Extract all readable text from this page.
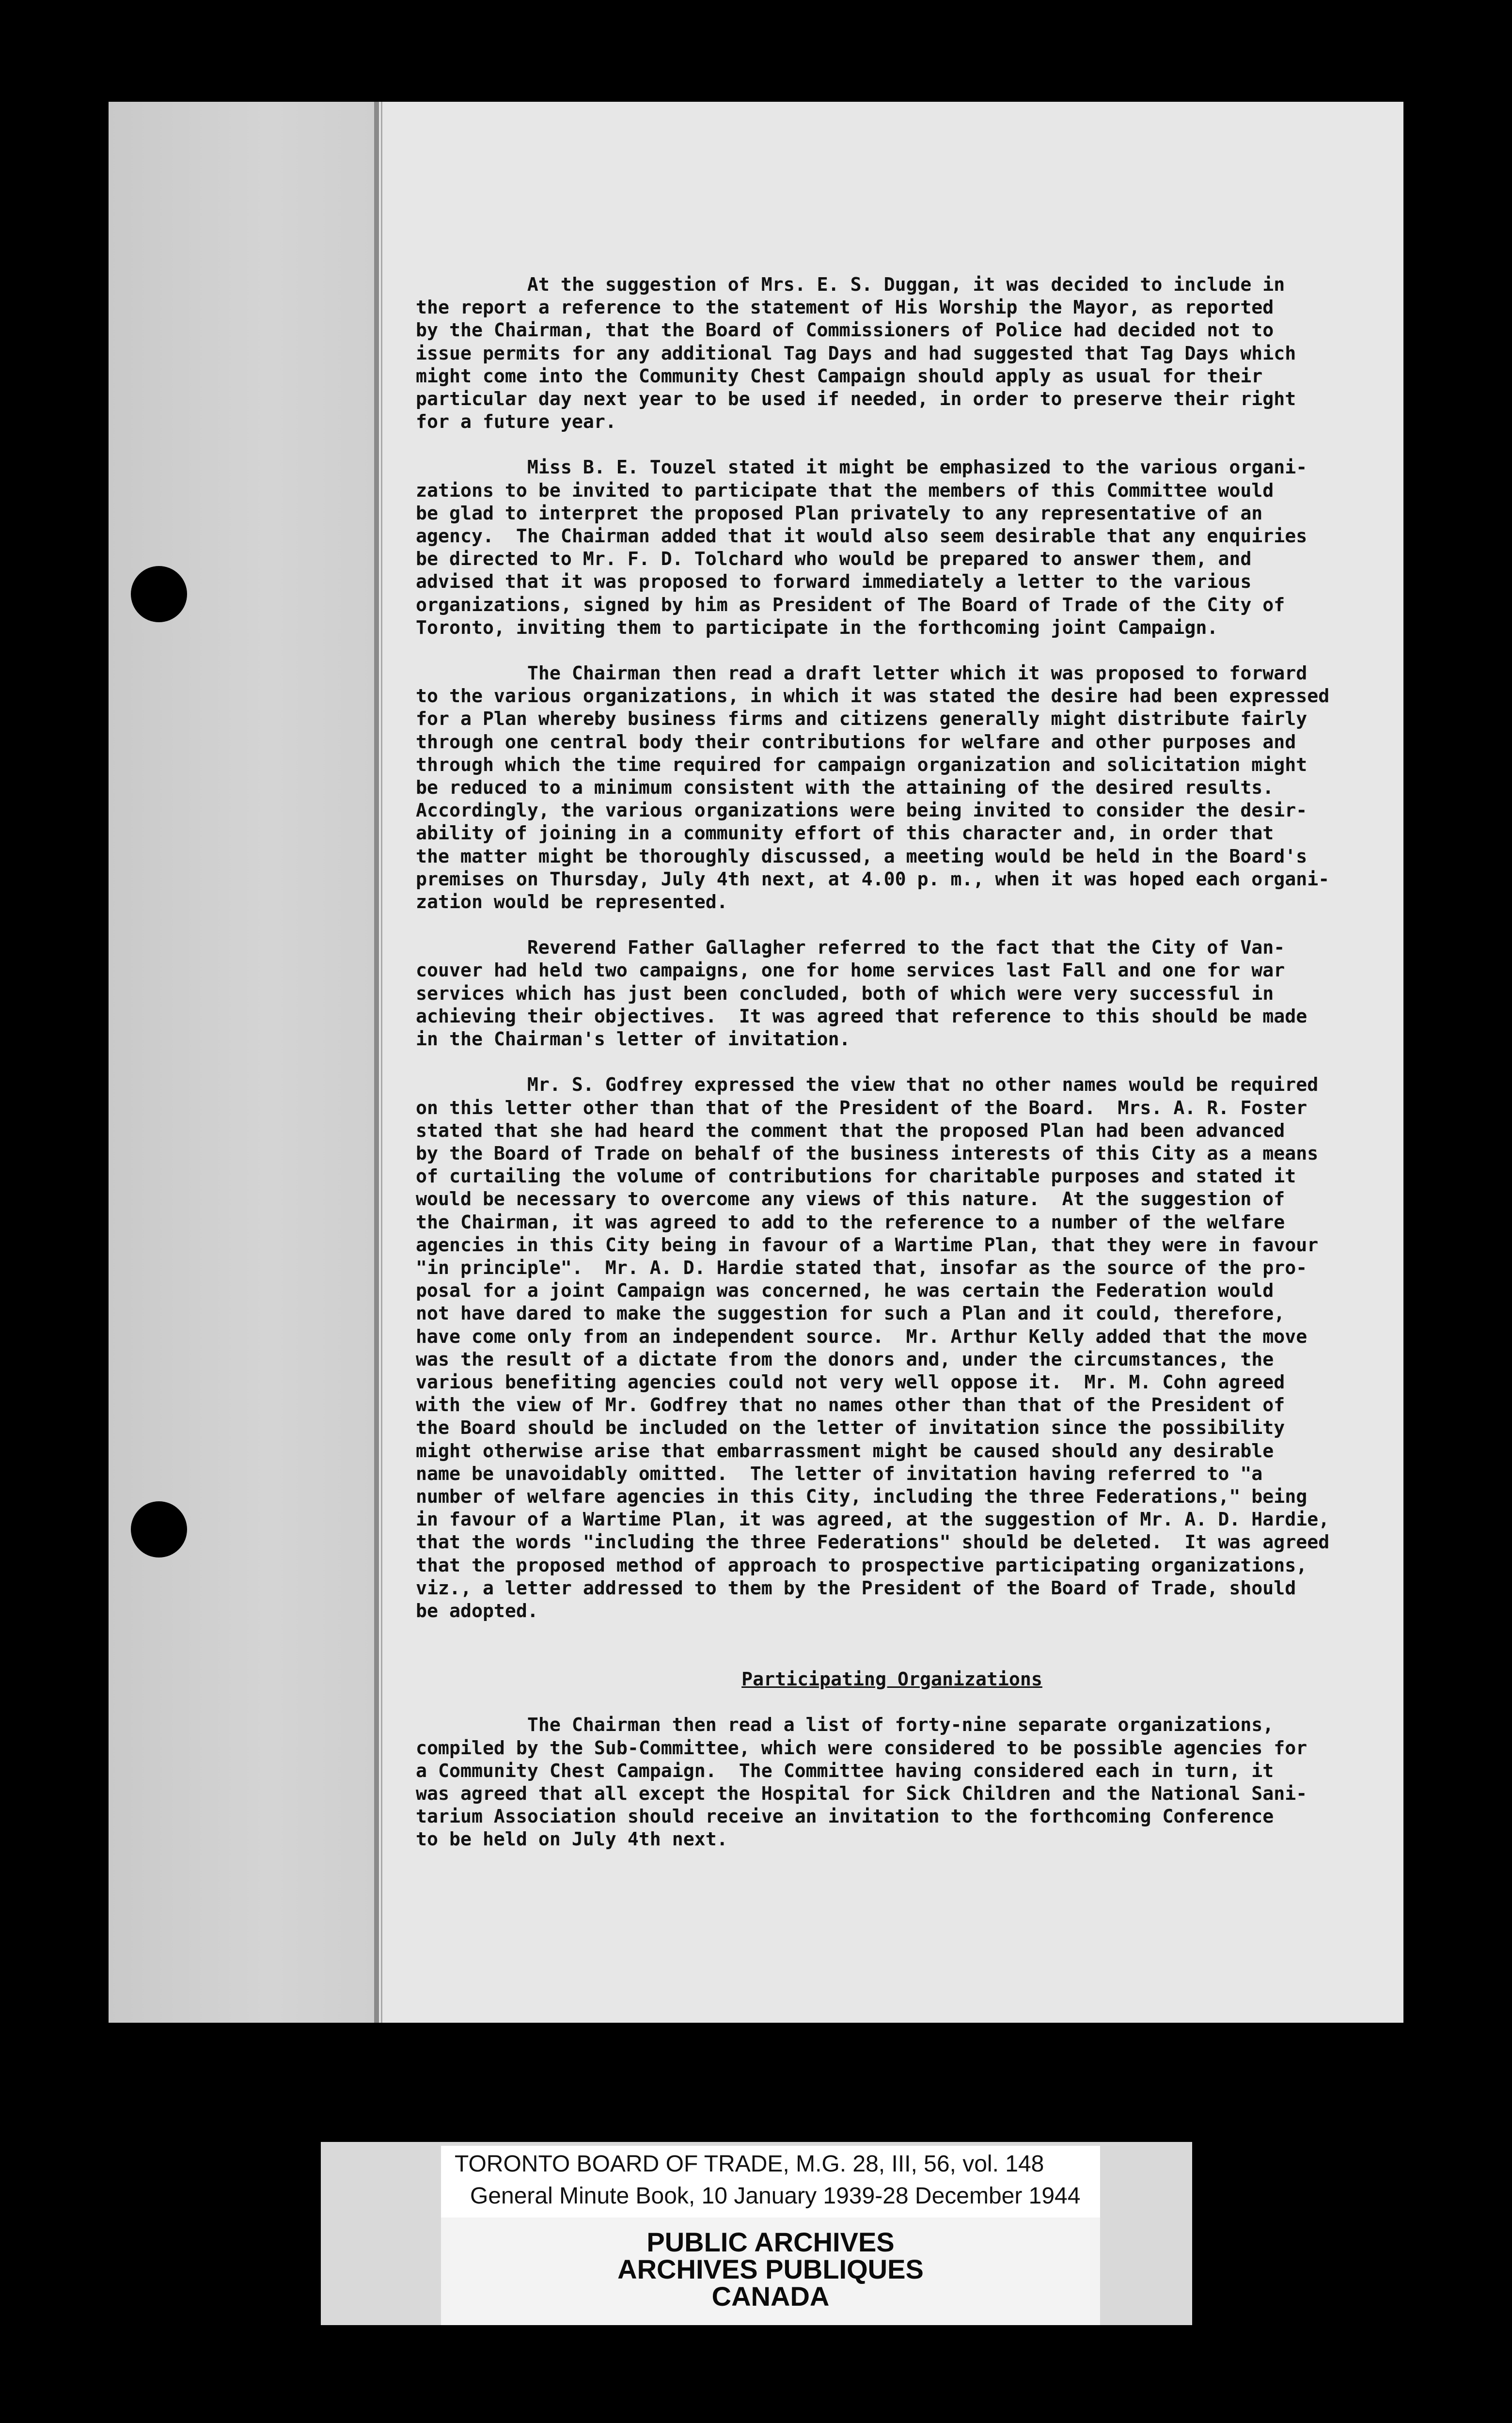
At the suggestion of Mrs. E. S. Duggan, it was decided to include in
the report a reference to the statement of His Worship the Mayor, as reported
by the Chairman, that the Board of Commissioners of Police had decided not to
issue permits for any additional Tag Days and had suggested that Tag Days which
might come into the Community Chest Campaign should apply as usual for their
particular day next year to be used if needed, in order to preserve their right
for a future year.

Miss B. E. Touzel stated it might be emphasized to the various organi-
zations to be invited to participate that the members of this Committee would
be glad to interpret the proposed Plan privately to any representative of an
agency.  The Chairman added that it would also seem desirable that any enquiries
be directed to Mr. F. D. Tolchard who would be prepared to answer them, and
advised that it was proposed to forward immediately a letter to the various
organizations, signed by him as President of The Board of Trade of the City of
Toronto, inviting them to participate in the forthcoming joint Campaign.

The Chairman then read a draft letter which it was proposed to forward
to the various organizations, in which it was stated the desire had been expressed
for a Plan whereby business firms and citizens generally might distribute fairly
through one central body their contributions for welfare and other purposes and
through which the time required for campaign organization and solicitation might
be reduced to a minimum consistent with the attaining of the desired results.
Accordingly, the various organizations were being invited to consider the desir-
ability of joining in a community effort of this character and, in order that
the matter might be thoroughly discussed, a meeting would be held in the Board's
premises on Thursday, July 4th next, at 4.00 p. m., when it was hoped each organi-
zation would be represented.

Reverend Father Gallagher referred to the fact that the City of Van-
couver had held two campaigns, one for home services last Fall and one for war
services which has just been concluded, both of which were very successful in
achieving their objectives.  It was agreed that reference to this should be made
in the Chairman's letter of invitation.

Mr. S. Godfrey expressed the view that no other names would be required
on this letter other than that of the President of the Board.  Mrs. A. R. Foster
stated that she had heard the comment that the proposed Plan had been advanced
by the Board of Trade on behalf of the business interests of this City as a means
of curtailing the volume of contributions for charitable purposes and stated it
would be necessary to overcome any views of this nature.  At the suggestion of
the Chairman, it was agreed to add to the reference to a number of the welfare
agencies in this City being in favour of a Wartime Plan, that they were in favour
"in principle".  Mr. A. D. Hardie stated that, insofar as the source of the pro-
posal for a joint Campaign was concerned, he was certain the Federation would
not have dared to make the suggestion for such a Plan and it could, therefore,
have come only from an independent source.  Mr. Arthur Kelly added that the move
was the result of a dictate from the donors and, under the circumstances, the
various benefiting agencies could not very well oppose it.  Mr. M. Cohn agreed
with the view of Mr. Godfrey that no names other than that of the President of
the Board should be included on the letter of invitation since the possibility
might otherwise arise that embarrassment might be caused should any desirable
name be unavoidably omitted.  The letter of invitation having referred to "a
number of welfare agencies in this City, including the three Federations," being
in favour of a Wartime Plan, it was agreed, at the suggestion of Mr. A. D. Hardie,
that the words "including the three Federations" should be deleted.  It was agreed
that the proposed method of approach to prospective participating organizations,
viz., a letter addressed to them by the President of the Board of Trade, should
be adopted.

Participating Organizations

The Chairman then read a list of forty-nine separate organizations,
compiled by the Sub-Committee, which were considered to be possible agencies for
a Community Chest Campaign.  The Committee having considered each in turn, it
was agreed that all except the Hospital for Sick Children and the National Sani-
tarium Association should receive an invitation to the forthcoming Conference
to be held on July 4th next.

TORONTO BOARD OF TRADE, M.G. 28, III, 56, vol. 148
General Minute Book, 10 January 1939-28 December 1944
PUBLIC ARCHIVES
ARCHIVES PUBLIQUES
CANADA
